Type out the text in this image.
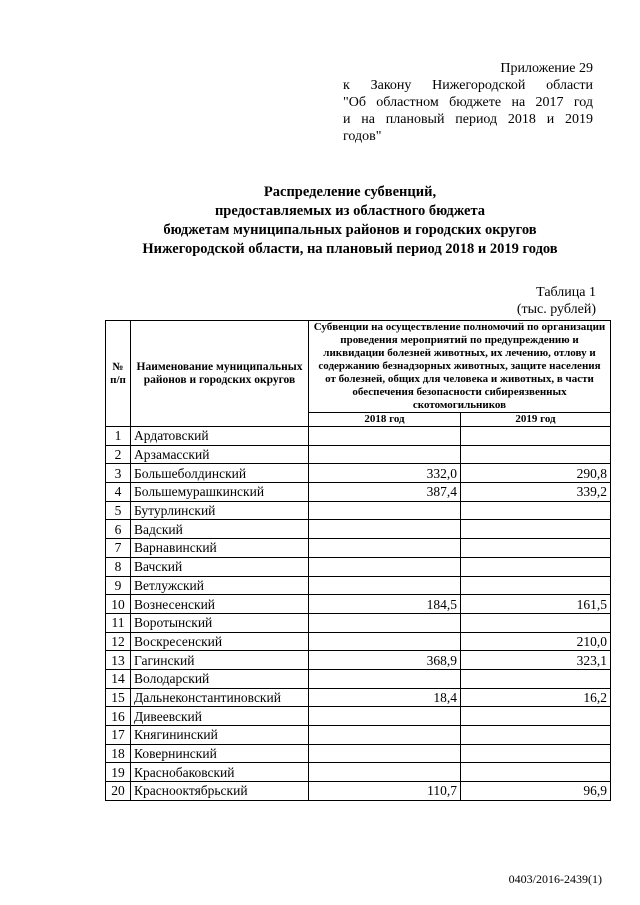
Приложение 29
к Закону Нижегородской области
"Об областном бюджете на 2017 год
и на плановый период 2018 и 2019
годов"
Распределение субвенций,
предоставляемых из областного бюджета
бюджетам муниципальных районов и городских округов
Нижегородской области, на плановый период 2018 и 2019 годов
Таблица 1
(тыс. рублей)
№ п/п	Наименование муниципальных районов и городских округов	Субвенции на осуществление полномочий по организации проведения мероприятий по предупреждению и ликвидации болезней животных, их лечению, отлову и содержанию безнадзорных животных, защите населения от болезней, общих для человека и животных, в части обеспечения безопасности сибиреязвенных скотомогильников	
		2018 год	2019 год
1	Ардатовский		
2	Арзамасский		
3	Большеболдинский	332,0	290,8
4	Большемурашкинский	387,4	339,2
5	Бутурлинский		
6	Вадский		
7	Варнавинский		
8	Вачский		
9	Ветлужский		
10	Вознесенский	184,5	161,5
11	Воротынский		
12	Воскресенский		210,0
13	Гагинский	368,9	323,1
14	Володарский		
15	Дальнеконстантиновский	18,4	16,2
16	Дивеевский		
17	Княгининский		
18	Ковернинский		
19	Краснобаковский		
20	Краснооктябрьский	110,7	96,9
0403/2016-2439(1)
